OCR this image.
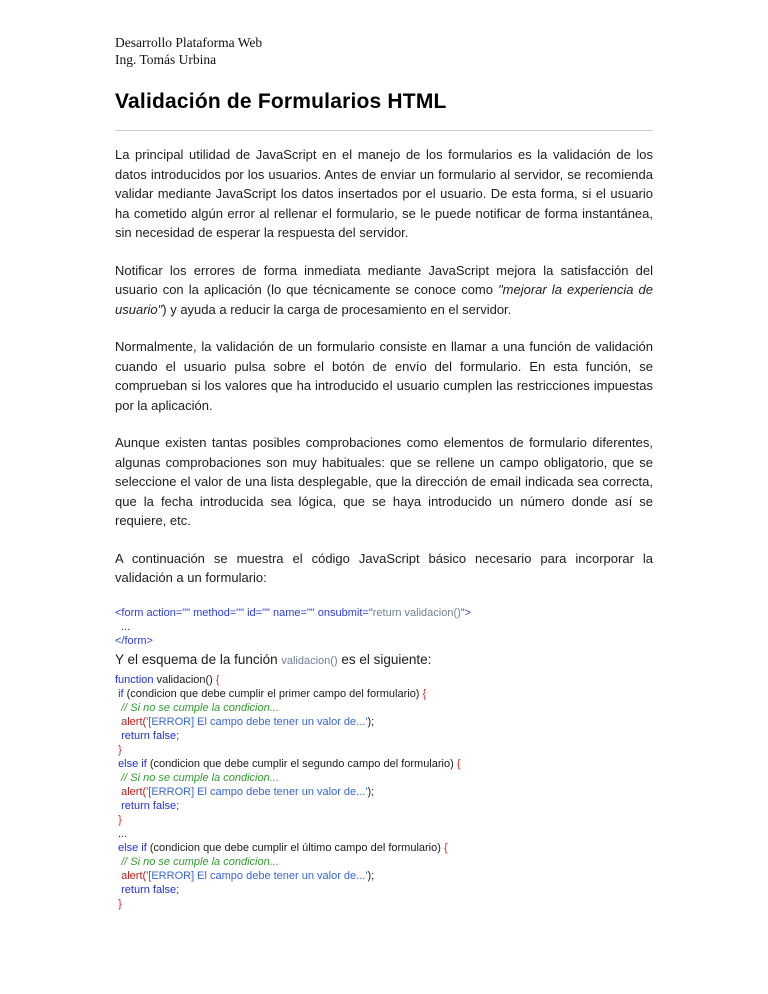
Desarrollo Plataforma Web
Ing. Tomás Urbina
Validación de Formularios HTML

La principal utilidad de JavaScript en el manejo de los formularios es la validación de los datos introducidos por los usuarios. Antes de enviar un formulario al servidor, se recomienda validar mediante JavaScript los datos insertados por el usuario. De esta forma, si el usuario ha cometido algún error al rellenar el formulario, se le puede notificar de forma instantánea, sin necesidad de esperar la respuesta del servidor.

Notificar los errores de forma inmediata mediante JavaScript mejora la satisfacción del usuario con la aplicación (lo que técnicamente se conoce como "mejorar la experiencia de usuario") y ayuda a reducir la carga de procesamiento en el servidor.

Normalmente, la validación de un formulario consiste en llamar a una función de validación cuando el usuario pulsa sobre el botón de envío del formulario. En esta función, se comprueban si los valores que ha introducido el usuario cumplen las restricciones impuestas por la aplicación.

Aunque existen tantas posibles comprobaciones como elementos de formulario diferentes, algunas comprobaciones son muy habituales: que se rellene un campo obligatorio, que se seleccione el valor de una lista desplegable, que la dirección de email indicada sea correcta, que la fecha introducida sea lógica, que se haya introducido un número donde así se requiere, etc.

A continuación se muestra el código JavaScript básico necesario para incorporar la validación a un formulario:

<form action="" method="" id="" name="" onsubmit="return validacion()">
...
</form>

Y el esquema de la función validacion() es el siguiente:

function validacion() {
if (condicion que debe cumplir el primer campo del formulario) {
// Si no se cumple la condicion...
alert('[ERROR] El campo debe tener un valor de...');
return false;
}
else if (condicion que debe cumplir el segundo campo del formulario) {
// Si no se cumple la condicion...
alert('[ERROR] El campo debe tener un valor de...');
return false;
}
...
else if (condicion que debe cumplir el último campo del formulario) {
// Si no se cumple la condicion...
alert('[ERROR] El campo debe tener un valor de...');
return false;
}
